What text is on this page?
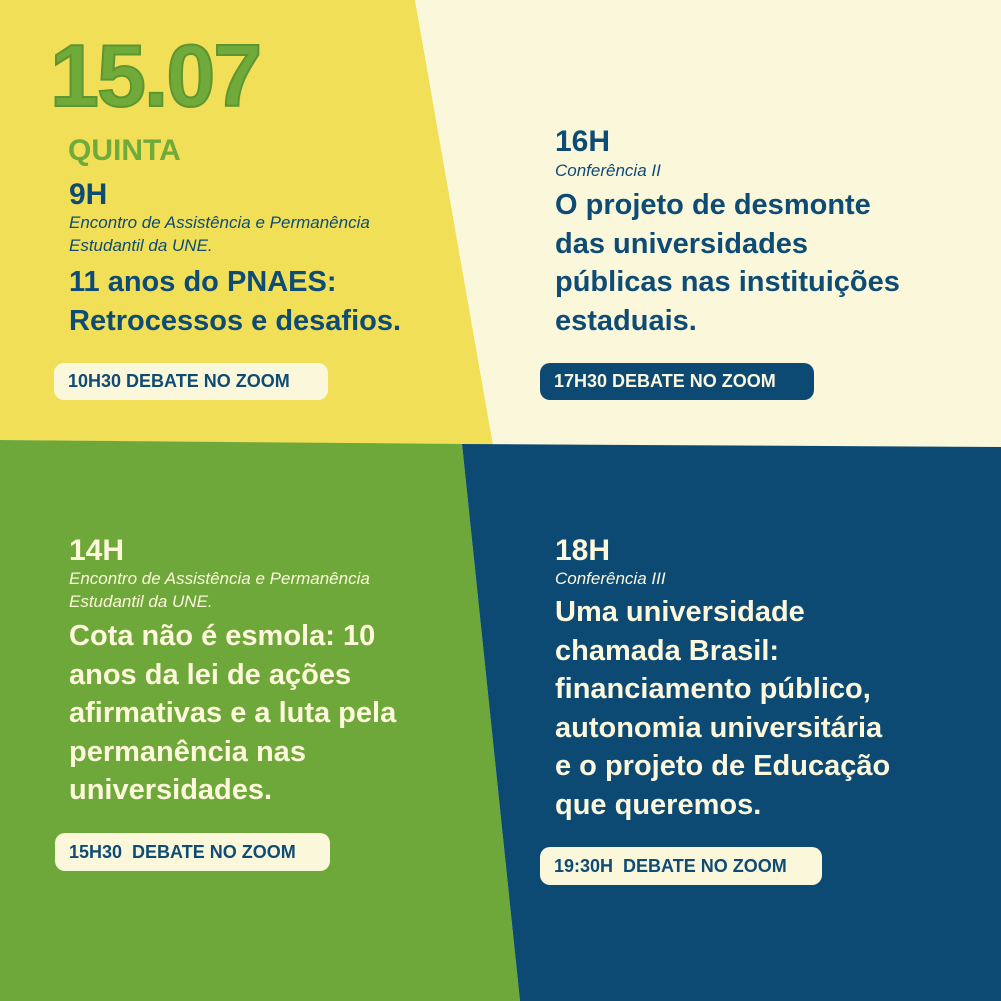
15.07
QUINTA
9H
Encontro de Assistência e Permanência
Estudantil da UNE.
11 anos do PNAES:
Retrocessos e desafios.
10H30 DEBATE NO ZOOM
16H
Conferência II
O projeto de desmonte
das universidades
públicas nas instituições
estaduais.
17H30 DEBATE NO ZOOM
14H
Encontro de Assistência e Permanência
Estudantil da UNE.
Cota não é esmola: 10
anos da lei de ações
afirmativas e a luta pela
permanência nas
universidades.
15H30  DEBATE NO ZOOM
18H
Conferência III
Uma universidade
chamada Brasil:
financiamento público,
autonomia universitária
e o projeto de Educação
que queremos.
19:30H  DEBATE NO ZOOM
